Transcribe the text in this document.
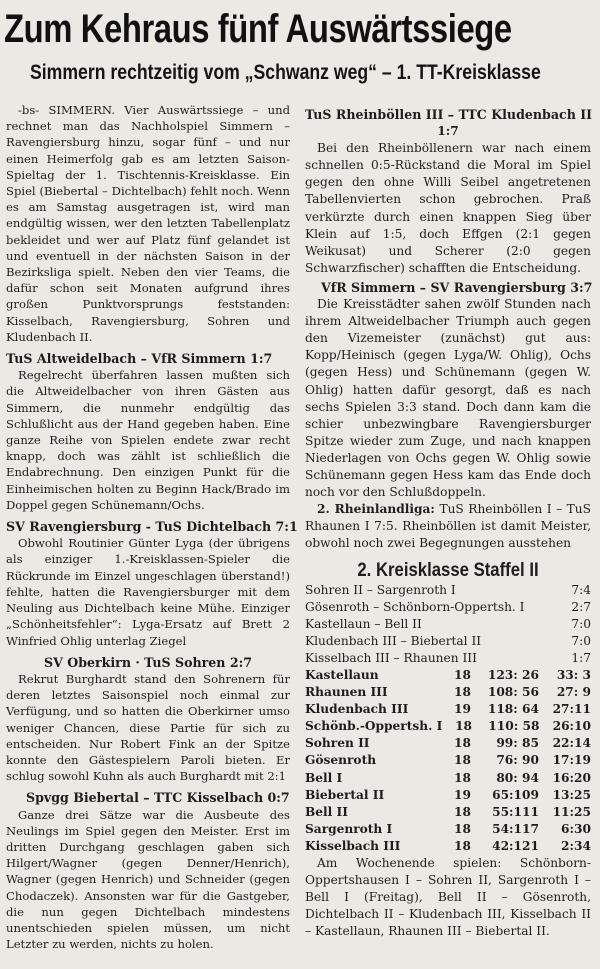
Zum Kehraus fünf Auswärtssiege
Simmern rechtzeitig vom „Schwanz weg“ – 1. TT-Kreisklasse

-bs- SIMMERN. Vier Auswärtssiege – und rechnet man das Nachholspiel Simmern – Ravengiersburg hinzu, sogar fünf – und nur einen Heimerfolg gab es am letzten Saison-Spieltag der 1. Tischtennis-Kreisklasse. Ein Spiel (Biebertal – Dichtelbach) fehlt noch. Wenn es am Samstag ausgetragen ist, wird man endgültig wissen, wer den letzten Tabellenplatz bekleidet und wer auf Platz fünf gelandet ist und eventuell in der nächsten Saison in der Bezirksliga spielt. Neben den vier Teams, die dafür schon seit Monaten aufgrund ihres großen Punktvorsprungs feststanden: Kisselbach, Ravengiersburg, Sohren und Kludenbach II.

TuS Altweidelbach – VfR Simmern 1:7

Regelrecht überfahren lassen mußten sich die Altweidelbacher von ihren Gästen aus Simmern, die nunmehr endgültig das Schlußlicht aus der Hand gegeben haben. Eine ganze Reihe von Spielen endete zwar recht knapp, doch was zählt ist schließlich die Endabrechnung. Den einzigen Punkt für die Einheimischen holten zu Beginn Hack/Brado im Doppel gegen Schünemann/Ochs.

SV Ravengiersburg - TuS Dichtelbach 7:1

Obwohl Routinier Günter Lyga (der übrigens als einziger 1.-Kreisklassen-Spieler die Rückrunde im Einzel ungeschlagen überstand!) fehlte, hatten die Ravengiersburger mit dem Neuling aus Dichtelbach keine Mühe. Einziger „Schönheitsfehler“: Lyga-Ersatz auf Brett 2 Winfried Ohlig unterlag Ziegel

SV Oberkirn · TuS Sohren 2:7

Rekrut Burghardt stand den Sohrenern für deren letztes Saisonspiel noch einmal zur Verfügung, und so hatten die Oberkirner umso weniger Chancen, diese Partie für sich zu entscheiden. Nur Robert Fink an der Spitze konnte den Gästespielern Paroli bieten. Er schlug sowohl Kuhn als auch Burghardt mit 2:1

Spvgg Biebertal – TTC Kisselbach 0:7

Ganze drei Sätze war die Ausbeute des Neulings im Spiel gegen den Meister. Erst im dritten Durchgang geschlagen gaben sich Hilgert/Wagner (gegen Denner/Henrich), Wagner (gegen Henrich) und Schneider (gegen Chodaczek). Ansonsten war für die Gastgeber, die nun gegen Dichtelbach mindestens unentschieden spielen müssen, um nicht Letzter zu werden, nichts zu holen.

TuS Rheinböllen III – TTC Kludenbach II
1:7

Bei den Rheinböllenern war nach einem schnellen 0:5-Rückstand die Moral im Spiel gegen den ohne Willi Seibel angetretenen Tabellenvierten schon gebrochen. Praß verkürzte durch einen knappen Sieg über Klein auf 1:5, doch Effgen (2:1 gegen Weikusat) und Scherer (2:0 gegen Schwarzfischer) schafften die Entscheidung.

VfR Simmern – SV Ravengiersburg 3:7

Die Kreisstädter sahen zwölf Stunden nach ihrem Altweidelbacher Triumph auch gegen den Vizemeister (zunächst) gut aus: Kopp/Heinisch (gegen Lyga/W. Ohlig), Ochs (gegen Hess) und Schünemann (gegen W. Ohlig) hatten dafür gesorgt, daß es nach sechs Spielen 3:3 stand. Doch dann kam die schier unbezwingbare Ravengiersburger Spitze wieder zum Zuge, und nach knappen Niederlagen von Ochs gegen W. Ohlig sowie Schünemann gegen Hess kam das Ende doch noch vor den Schlußdoppeln.

2. Rheinlandliga: TuS Rheinböllen I – TuS Rhaunen I 7:5. Rheinböllen ist damit Meister, obwohl noch zwei Begegnungen ausstehen

2. Kreisklasse Staffel II
Sohren II – Sargenroth I	7:4
Gösenroth – Schönborn-Oppertsh. I	2:7
Kastellaun – Bell II	7:0
Kludenbach III – Biebertal II	7:0
Kisselbach III – Rhaunen III	1:7
Kastellaun	18	123: 26	33: 3
Rhaunen III	18	108: 56	27: 9
Kludenbach III	19	118: 64	27:11
Schönb.-Oppertsh. I	18	110: 58	26:10
Sohren II	18	99: 85	22:14
Gösenroth	18	76: 90	17:19
Bell I	18	80: 94	16:20
Biebertal II	19	65:109	13:25
Bell II	18	55:111	11:25
Sargenroth I	18	54:117	6:30
Kisselbach III	18	42:121	2:34

Am Wochenende spielen: Schönborn-Oppertshausen I – Sohren II, Sargenroth I – Bell I (Freitag), Bell II – Gösenroth, Dichtelbach II – Kludenbach III, Kisselbach II – Kastellaun, Rhaunen III – Biebertal II.
